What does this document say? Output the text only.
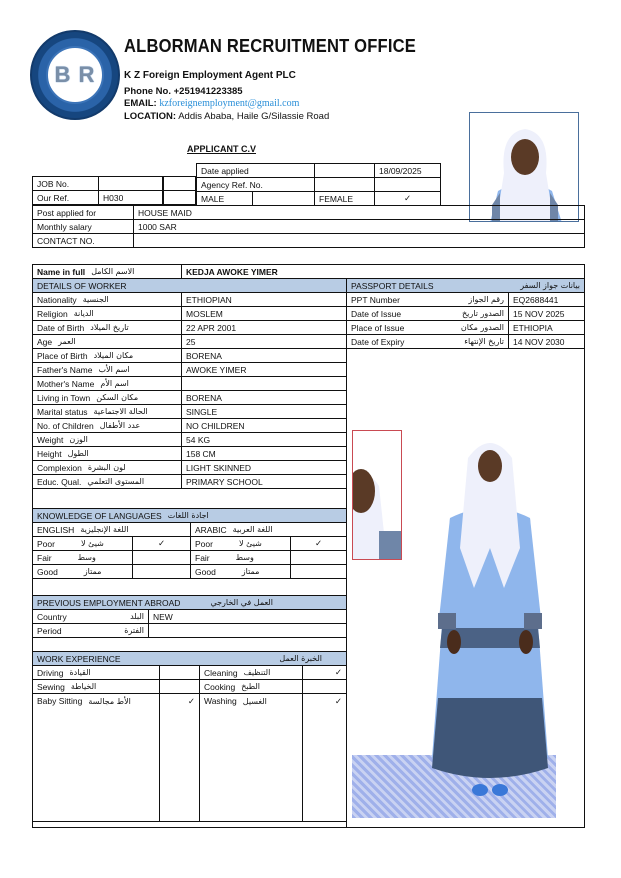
B R
ALBORMAN RECRUITMENT OFFICE
K Z Foreign Employment Agent PLC
Phone No. +251941223385
EMAIL: kzforeignemployment@gmail.com
LOCATION: Addis Ababa, Haile G/Silassie Road
APPLICANT C.V
JOB No.	
Our Ref.	H030

Date applied			18/09/2025
Agency Ref. No.			
MALE		FEMALE	✓
Post applied for	HOUSE MAID
Monthly salary	1000 SAR
CONTACT NO.	
Name in full الاسم الكامل	KEDJA AWOKE YIMER
DETAILS OF WORKER	

Nationality الجنسية	ETHIOPIAN

Religion الديانة	MOSLEM

Date of Birth تاريخ الميلاد	22 APR 2001

Age العمر	25

Place of Birth مكان الميلاد	BORENA

Father's Name اسم الأب	AWOKE YIMER

Mother's Name اسم الأم	

Living in Town مكان السكن	BORENA

Marital status الحالة الاجتماعية	SINGLE

No. of Children عدد الأطفال	NO CHILDREN

Weight الوزن	54 KG

Height الطول	158 CM

Complexion لون البشرة	LIGHT SKINNED

Educ. Qual. المستوى التعلمي	PRIMARY SCHOOL
PASSPORT DETAILS بيانات جواز السفر	

PPT Number رقم الجواز	EQ2688441

Date of Issue الصدور تاريخ	15 NOV 2025

Place of Issue الصدور مكان	ETHIOPIA

Date of Expiry تاريخ الإنتهاء	14 NOV 2030
KNOWLEDGE OF LANGUAGES اجادة اللغات			

ENGLISH اللغة الإنجليزية		ARABIC اللغة العربية	

Poor شيئ لا	✓	Poor شيئ لا	✓

Fair وسط		Fair وسط	

Good ممتاز		Good ممتاز	

PREVIOUS EMPLOYMENT ABROAD العمل في الخارجي	

Country البلد	NEW

Period الفترة	

WORK EXPERIENCE الخبرة العمل			

Driving القيادة		Cleaning التنظيف	✓

Sewing الخياطة		Cooking الطبخ	

Baby Sitting الأط مجالسة	✓	Washing الغسيل	✓
